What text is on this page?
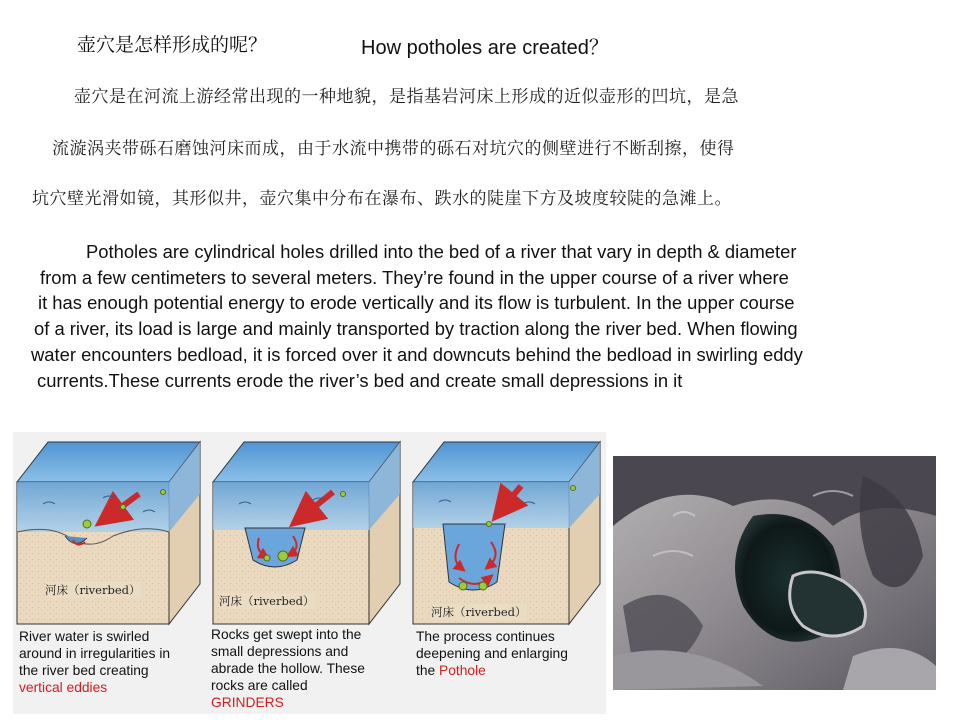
壶穴是怎样形成的呢？	How potholes are created？
壶穴是在河流上游经常出现的一种地貌，是指基岩河床上形成的近似壶形的凹坑，是急
流漩涡夹带砾石磨蚀河床而成，由于水流中携带的砾石对坑穴的侧壁进行不断刮擦，使得
坑穴壁光滑如镜，其形似井，壶穴集中分布在瀑布、跌水的陡崖下方及坡度较陡的急滩上。
Potholes are cylindrical holes drilled into the bed of a river that vary in depth & diameter
from a few centimeters to several meters. They’re found in the upper course of a river where
it has enough potential energy to erode vertically and its flow is turbulent. In the upper course
of a river, its load is large and mainly transported by traction along the river bed. When flowing
water encounters bedload, it is forced over it and downcuts behind the bedload in swirling eddy
currents.These currents erode the river’s bed and create small depressions in it
河床（riverbed）
河床（riverbed）
河床（riverbed）
River water is swirled
around in irregularities in
the river bed creating
vertical eddies
Rocks get swept into the
small depressions and
abrade the hollow. These
rocks are called
GRINDERS
The process continues
deepening and enlarging
the Pothole
